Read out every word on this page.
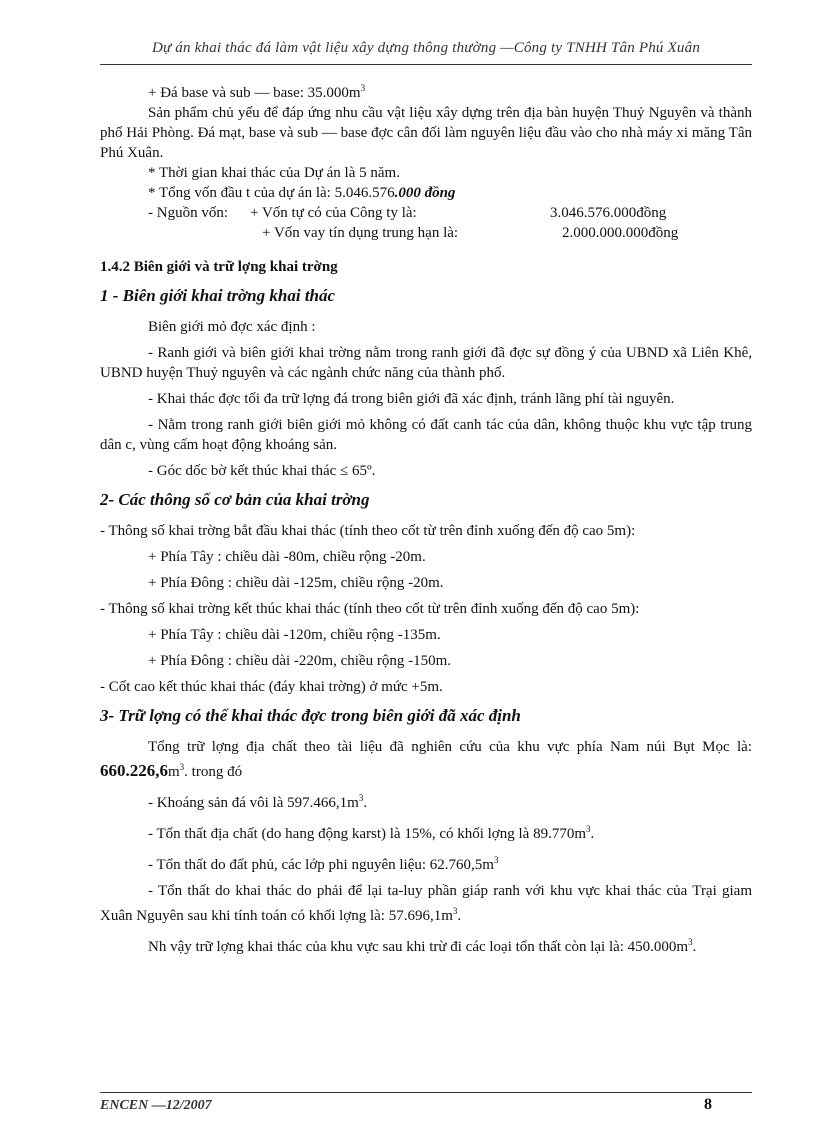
Dự án khai thác đá làm vật liệu xây dựng thông thường —Công ty TNHH Tân Phú Xuân

+ Đá base và sub — base: $35.000m^3$

Sản phẩm chủ yếu để đáp ứng nhu cầu vật liệu xây dựng trên địa bàn huyện Thuỷ Nguyên và thành phố Hải Phòng. Đá mạt, base và sub — base đợc cân đối làm nguyên liệu đầu vào cho nhà máy xi măng Tân Phú Xuân.

* Thời gian khai thác của Dự án là 5 năm.

* Tổng vốn đầu t của dự án là: 5.046.576.000 đồng

- Nguồn vốn:	+ Vốn tự có của Công ty là:	3.046.576.000đồng
+ Vốn vay tín dụng trung hạn là:	2.000.000.000đồng

1.4.2 Biên giới và trữ lợng khai trờng

1 - Biên giới khai trờng khai thác

Biên giới mỏ đợc xác định :

- Ranh giới và biên giới khai trờng nằm trong ranh giới đã đợc sự đồng ý của UBND xã Liên Khê, UBND huyện Thuỷ nguyên và các ngành chức năng của thành phố.

- Khai thác đợc tối đa trữ lợng đá trong biên giới đã xác định, tránh lãng phí tài nguyên.

- Nằm trong ranh giới biên giới mỏ không có đất canh tác của dân, không thuộc khu vực tập trung dân c, vùng cấm hoạt động khoáng sản.

- Góc dốc bờ kết thúc khai thác ≤ 65º.

2- Các thông số cơ bản của khai trờng

- Thông số khai trờng bắt đầu khai thác (tính theo cốt từ trên đỉnh xuống đến độ cao 5m):

+ Phía Tây : chiều dài -80m, chiều rộng -20m.

+ Phía Đông : chiều dài -125m, chiều rộng -20m.

- Thông số khai trờng kết thúc khai thác (tính theo cốt từ trên đỉnh xuống đến độ cao 5m):

+ Phía Tây : chiều dài -120m, chiều rộng -135m.

+ Phía Đông : chiều dài -220m, chiều rộng -150m.

- Cốt cao kết thúc khai thác (đáy khai trờng) ở mức +5m.

3- Trữ lợng có thể khai thác đợc trong biên giới đã xác định

Tổng trữ lợng địa chất theo tài liệu đã nghiên cứu của khu vực phía Nam núi Bụt Mọc là: $660.226,6m^3$. trong đó

- Khoáng sản đá vôi là $597.466,1m^3$.

- Tổn thất địa chất (do hang động karst) là 15%, có khối lợng là $89.770m^3$.

- Tổn thất do đất phủ, các lớp phi nguyên liệu: $62.760,5m^3$

- Tổn thất do khai thác do phải để lại ta-luy phần giáp ranh với khu vực khai thác của Trại giam Xuân Nguyên sau khi tính toán có khối lợng là: $57.696,1m^3$.

Nh vậy trữ lợng khai thác của khu vực sau khi trừ đi các loại tổn thất còn lại là: $450.000m^3$.

ENCEN —12/2007	8
